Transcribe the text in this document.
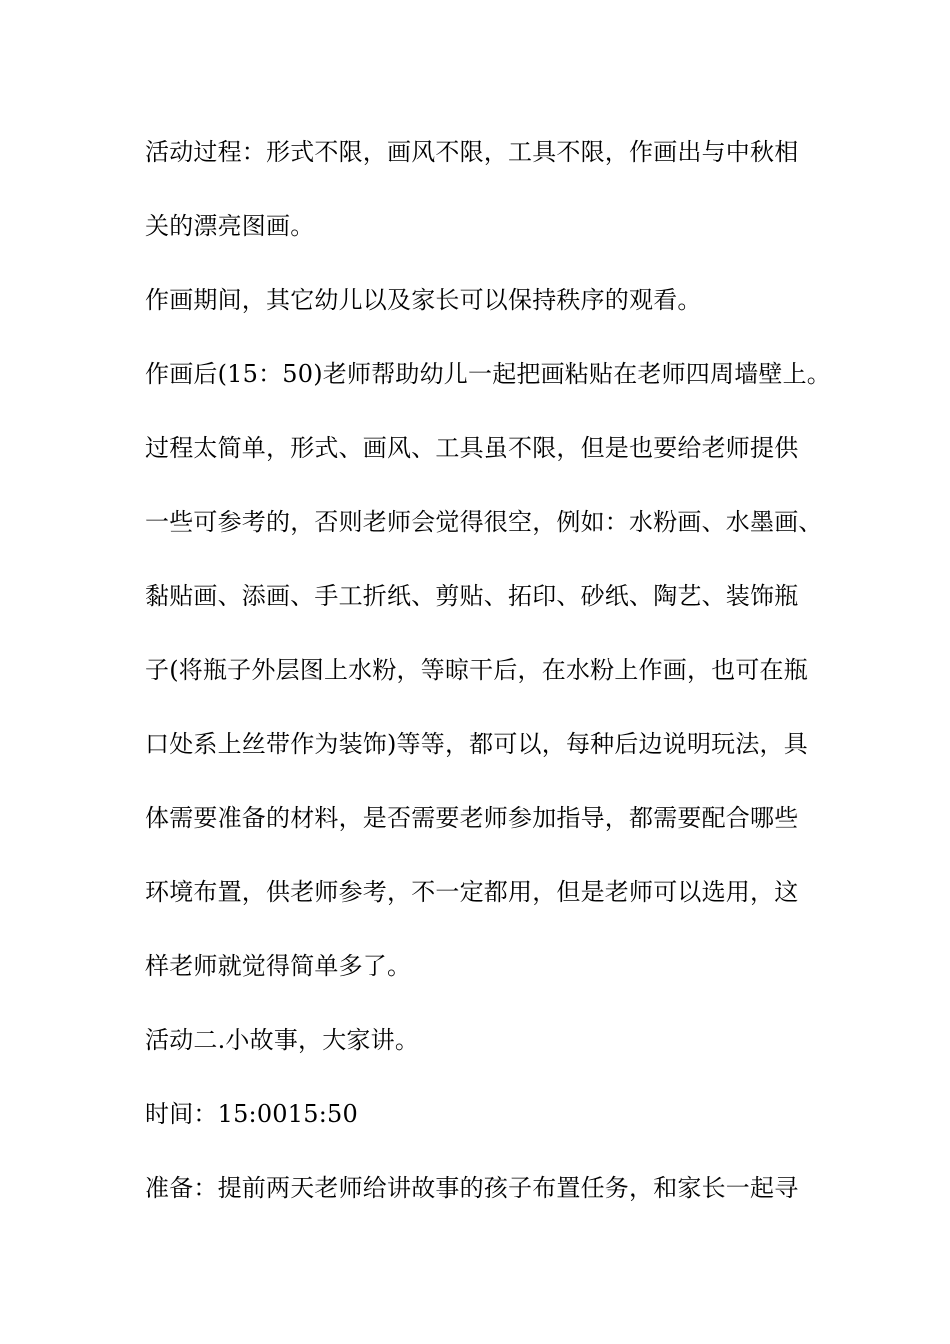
活动过程：形式不限，画风不限，工具不限，作画出与中秋相
关的漂亮图画。
作画期间，其它幼儿以及家长可以保持秩序的观看。
作画后(15：50)老师帮助幼儿一起把画粘贴在老师四周墙壁上。
过程太简单，形式、画风、工具虽不限，但是也要给老师提供
一些可参考的，否则老师会觉得很空，例如：水粉画、水墨画、
黏贴画、添画、手工折纸、剪贴、拓印、砂纸、陶艺、装饰瓶
子(将瓶子外层图上水粉，等晾干后，在水粉上作画，也可在瓶
口处系上丝带作为装饰)等等，都可以，每种后边说明玩法，具
体需要准备的材料，是否需要老师参加指导，都需要配合哪些
环境布置，供老师参考，不一定都用，但是老师可以选用，这
样老师就觉得简单多了。
活动二.小故事，大家讲。
时间：15:0015:50
准备：提前两天老师给讲故事的孩子布置任务，和家长一起寻
